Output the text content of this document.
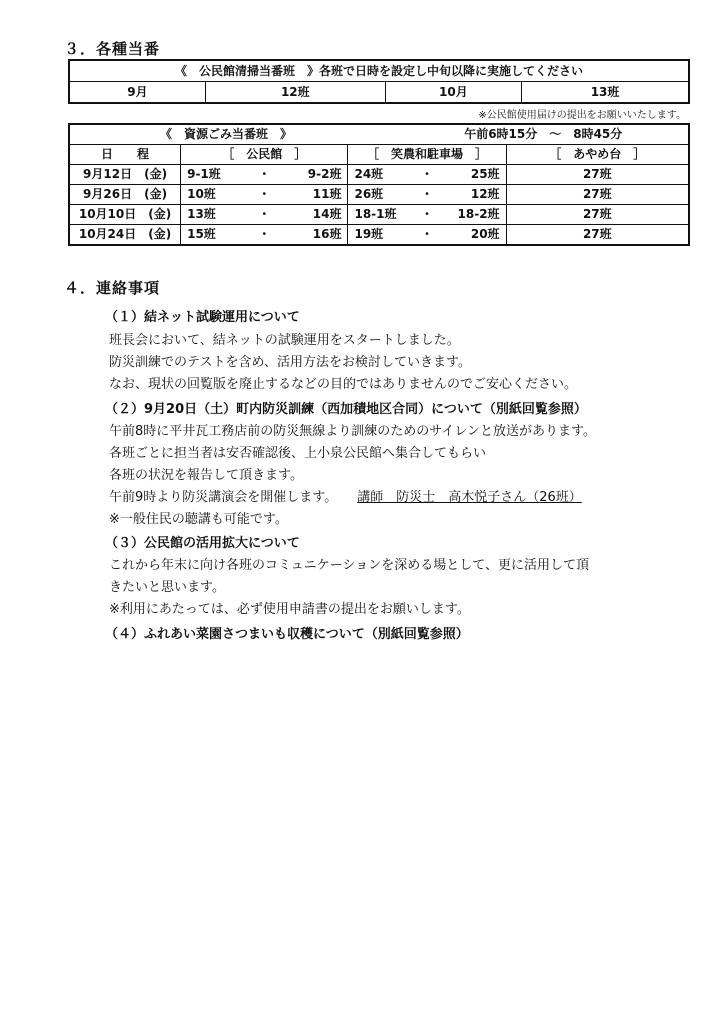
３．各種当番
《　公民館清掃当番班　》各班で日時を設定し中旬以降に実施してください
9月	12班	10月	13班
※公民館使用届けの提出をお願いいたします。
《　資源ごみ当番班　》 午前6時15分　～　8時45分			
日　　程	［　公民館　］	［　笑農和駐車場　］	［　あやめ台　］
9月12日　(金)	9-1班 ・ 9-2班	24班 ・ 25班	27班
9月26日　(金)	10班 ・ 11班	26班 ・ 12班	27班
10月10日　(金)	13班 ・ 14班	18-1班 ・ 18-2班	27班
10月24日　(金)	15班 ・ 16班	19班 ・ 20班	27班
４．連絡事項
（１）結ネット試験運用について
班長会において、結ネットの試験運用をスタートしました。
防災訓練でのテストを含め、活用方法をお検討していきます。
なお、現状の回覧版を廃止するなどの目的ではありませんのでご安心ください。
（２）9月20日（土）町内防災訓練（西加積地区合同）について（別紙回覧参照）
午前8時に平井瓦工務店前の防災無線より訓練のためのサイレンと放送があります。
各班ごとに担当者は安否確認後、上小泉公民館へ集合してもらい
各班の状況を報告して頂きます。
午前9時より防災講演会を開催します。 講師　防災士　高木悦子さん（26班）
※一般住民の聴講も可能です。
（３）公民館の活用拡大について
これから年末に向け各班のコミュニケーションを深める場として、更に活用して頂
きたいと思います。
※利用にあたっては、必ず使用申請書の提出をお願いします。
（４）ふれあい菜園さつまいも収穫について（別紙回覧参照）
